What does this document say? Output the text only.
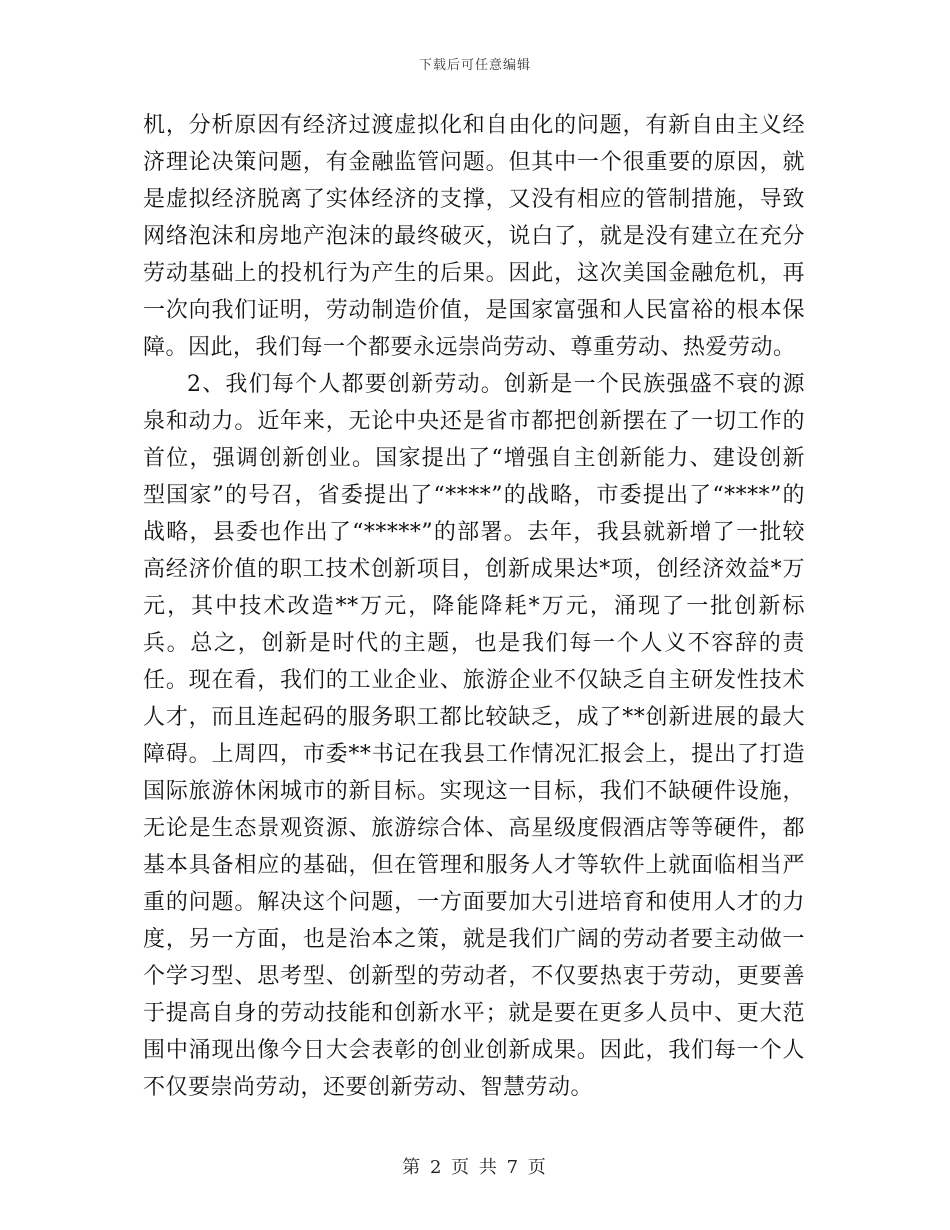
下载后可任意编辑

机，分析原因有经济过渡虚拟化和自由化的问题，有新自由主义经济理论决策问题，有金融监管问题。但其中一个很重要的原因，就是虚拟经济脱离了实体经济的支撑，又没有相应的管制措施，导致网络泡沫和房地产泡沫的最终破灭，说白了，就是没有建立在充分劳动基础上的投机行为产生的后果。因此，这次美国金融危机，再一次向我们证明，劳动制造价值，是国家富强和人民富裕的根本保障。因此，我们每一个都要永远崇尚劳动、尊重劳动、热爱劳动。

2、我们每个人都要创新劳动。创新是一个民族强盛不衰的源泉和动力。近年来，无论中央还是省市都把创新摆在了一切工作的首位，强调创新创业。国家提出了“增强自主创新能力、建设创新型国家”的号召，省委提出了“****”的战略，市委提出了“****”的战略，县委也作出了“*****”的部署。去年，我县就新增了一批较高经济价值的职工技术创新项目，创新成果达*项，创经济效益*万元，其中技术改造**万元，降能降耗*万元，涌现了一批创新标兵。总之，创新是时代的主题，也是我们每一个人义不容辞的责任。现在看，我们的工业企业、旅游企业不仅缺乏自主研发性技术人才，而且连起码的服务职工都比较缺乏，成了**创新进展的最大障碍。上周四，市委**书记在我县工作情况汇报会上，提出了打造国际旅游休闲城市的新目标。实现这一目标，我们不缺硬件设施，无论是生态景观资源、旅游综合体、高星级度假酒店等等硬件，都基本具备相应的基础，但在管理和服务人才等软件上就面临相当严重的问题。解决这个问题，一方面要加大引进培育和使用人才的力度，另一方面，也是治本之策，就是我们广阔的劳动者要主动做一个学习型、思考型、创新型的劳动者，不仅要热衷于劳动，更要善于提高自身的劳动技能和创新水平；就是要在更多人员中、更大范围中涌现出像今日大会表彰的创业创新成果。因此，我们每一个人不仅要崇尚劳动，还要创新劳动、智慧劳动。

第 2 页 共 7 页
